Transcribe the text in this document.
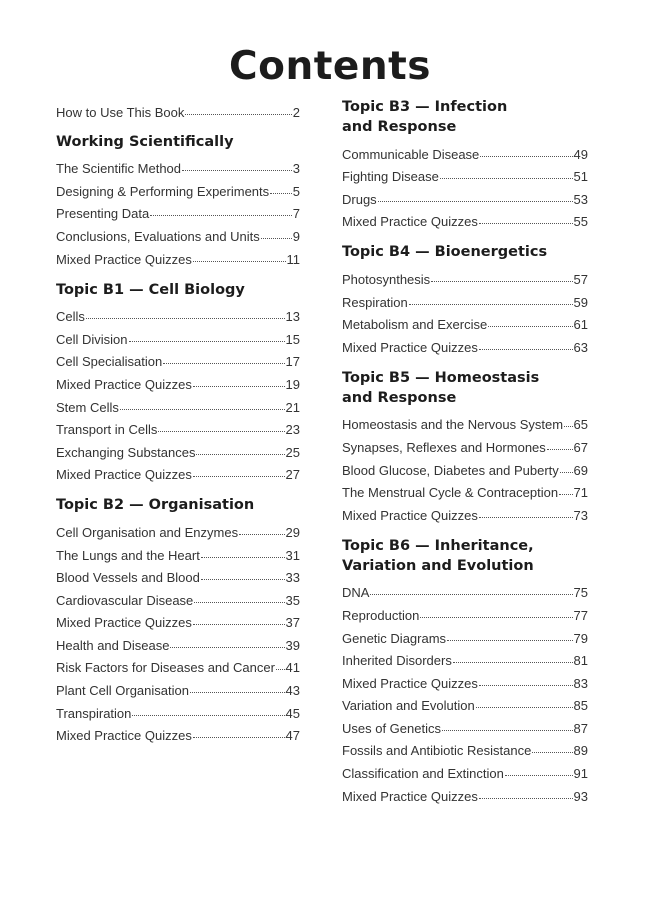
Contents
How to Use This Book	2
Working Scientifically
The Scientific Method	3
Designing & Performing Experiments 5
Presenting Data	7
Conclusions, Evaluations and Units	9
Mixed Practice Quizzes	11
Topic B1 — Cell Biology
Cells	13
Cell Division	15
Cell Specialisation	17
Mixed Practice Quizzes	19
Stem Cells	21
Transport in Cells	23
Exchanging Substances	25
Mixed Practice Quizzes	27
Topic B2 — Organisation
Cell Organisation and Enzymes	29
The Lungs and the Heart	31
Blood Vessels and Blood	33
Cardiovascular Disease	35
Mixed Practice Quizzes	37
Health and Disease	39
Risk Factors for Diseases and Cancer 41
Plant Cell Organisation	43
Transpiration	45
Mixed Practice Quizzes	47
Topic B3 — Infection
and Response
Communicable Disease	49
Fighting Disease	51
Drugs	53
Mixed Practice Quizzes	55
Topic B4 — Bioenergetics
Photosynthesis	57
Respiration	59
Metabolism and Exercise	61
Mixed Practice Quizzes	63
Topic B5 — Homeostasis
and Response
Homeostasis and the Nervous System 65
Synapses, Reflexes and Hormones 67
Blood Glucose, Diabetes and Puberty 69
The Menstrual Cycle & Contraception 71
Mixed Practice Quizzes	73
Topic B6 — Inheritance,
Variation and Evolution
DNA	75
Reproduction	77
Genetic Diagrams	79
Inherited Disorders	81
Mixed Practice Quizzes	83
Variation and Evolution	85
Uses of Genetics	87
Fossils and Antibiotic Resistance	89
Classification and Extinction	91
Mixed Practice Quizzes	93
